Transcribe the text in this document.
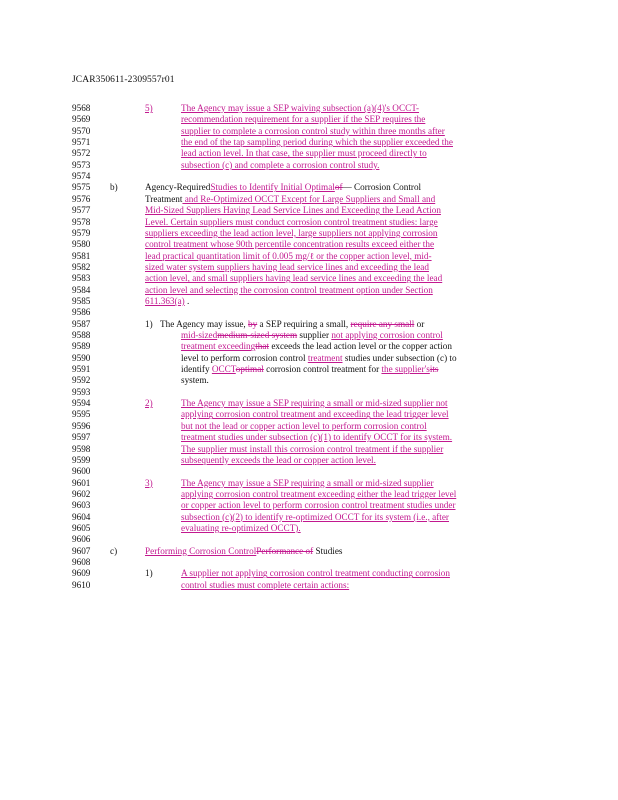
JCAR350611-2309557r01
9568	5)	The Agency may issue a SEP waiving subsection (a)(4)'s OCCT-
9569	recommendation requirement for a supplier if the SEP requires the
9570	supplier to complete a corrosion control study within three months after
9571	the end of the tap sampling period during which the supplier exceeded the
9572	lead action level. In that case, the supplier must proceed directly to
9573	subsection (c) and complete a corrosion control study.
9574
9575	b)	Agency-RequiredStudies to Identify Initial Optimalof— Corrosion Control
9576	Treatment and Re-Optimized OCCT Except for Large Suppliers and Small and
9577	Mid-Sized Suppliers Having Lead Service Lines and Exceeding the Lead Action
9578	Level. Certain suppliers must conduct corrosion control treatment studies: large
9579	suppliers exceeding the lead action level, large suppliers not applying corrosion
9580	control treatment whose 90th percentile concentration results exceed either the
9581	lead practical quantitation limit of 0.005 mg/ℓ or the copper action level, mid-
9582	sized water system suppliers having lead service lines and exceeding the lead
9583	action level, and small suppliers having lead service lines and exceeding the lead
9584	action level and selecting the corrosion control treatment option under Section
9585	611.363(a) .
9586
9587	1) The Agency may issue, by a SEP requiring a small, require any small or
9588	mid-sizedmedium-sized system supplier not applying corrosion control
9589	treatment exceedingthat exceeds the lead action level or the copper action
9590	level to perform corrosion control treatment studies under subsection (c) to
9591	identify OCCToptimal corrosion control treatment for the supplier'sits
9592	system.
9593
9594	2)	The Agency may issue a SEP requiring a small or mid-sized supplier not
9595	applying corrosion control treatment and exceeding the lead trigger level
9596	but not the lead or copper action level to perform corrosion control
9597	treatment studies under subsection (c)(1) to identify OCCT for its system.
9598	The supplier must install this corrosion control treatment if the supplier
9599	subsequently exceeds the lead or copper action level.
9600
9601	3)	The Agency may issue a SEP requiring a small or mid-sized supplier
9602	applying corrosion control treatment exceeding either the lead trigger level
9603	or copper action level to perform corrosion control treatment studies under
9604	subsection (c)(2) to identify re-optimized OCCT for its system (i.e., after
9605	evaluating re-optimized OCCT).
9606
9607	c)	Performing Corrosion ControlPerformance of Studies
9608
9609	1)	A supplier not applying corrosion control treatment conducting corrosion
9610	control studies must complete certain actions:
